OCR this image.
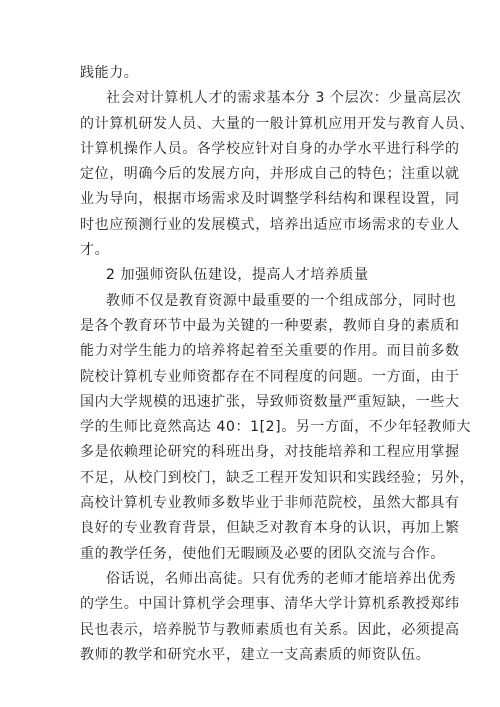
践能力。
社会对计算机人才的需求基本分 3 个层次：少量高层次
的计算机研发人员、大量的一般计算机应用开发与教育人员、
计算机操作人员。各学校应针对自身的办学水平进行科学的
定位，明确今后的发展方向，并形成自己的特色；注重以就
业为导向，根据市场需求及时调整学科结构和课程设置，同
时也应预测行业的发展模式，培养出适应市场需求的专业人
才。
2 加强师资队伍建设，提高人才培养质量
教师不仅是教育资源中最重要的一个组成部分，同时也
是各个教育环节中最为关键的一种要素，教师自身的素质和
能力对学生能力的培养将起着至关重要的作用。而目前多数
院校计算机专业师资都存在不同程度的问题。一方面，由于
国内大学规模的迅速扩张，导致师资数量严重短缺，一些大
学的生师比竟然高达 40：1[2]。另一方面，不少年轻教师大
多是依赖理论研究的科班出身，对技能培养和工程应用掌握
不足，从校门到校门，缺乏工程开发知识和实践经验；另外，
高校计算机专业教师多数毕业于非师范院校，虽然大都具有
良好的专业教育背景，但缺乏对教育本身的认识，再加上繁
重的教学任务，使他们无暇顾及必要的团队交流与合作。
俗话说，名师出高徒。只有优秀的老师才能培养出优秀
的学生。中国计算机学会理事、清华大学计算机系教授郑纬
民也表示，培养脱节与教师素质也有关系。因此，必须提高
教师的教学和研究水平，建立一支高素质的师资队伍。
